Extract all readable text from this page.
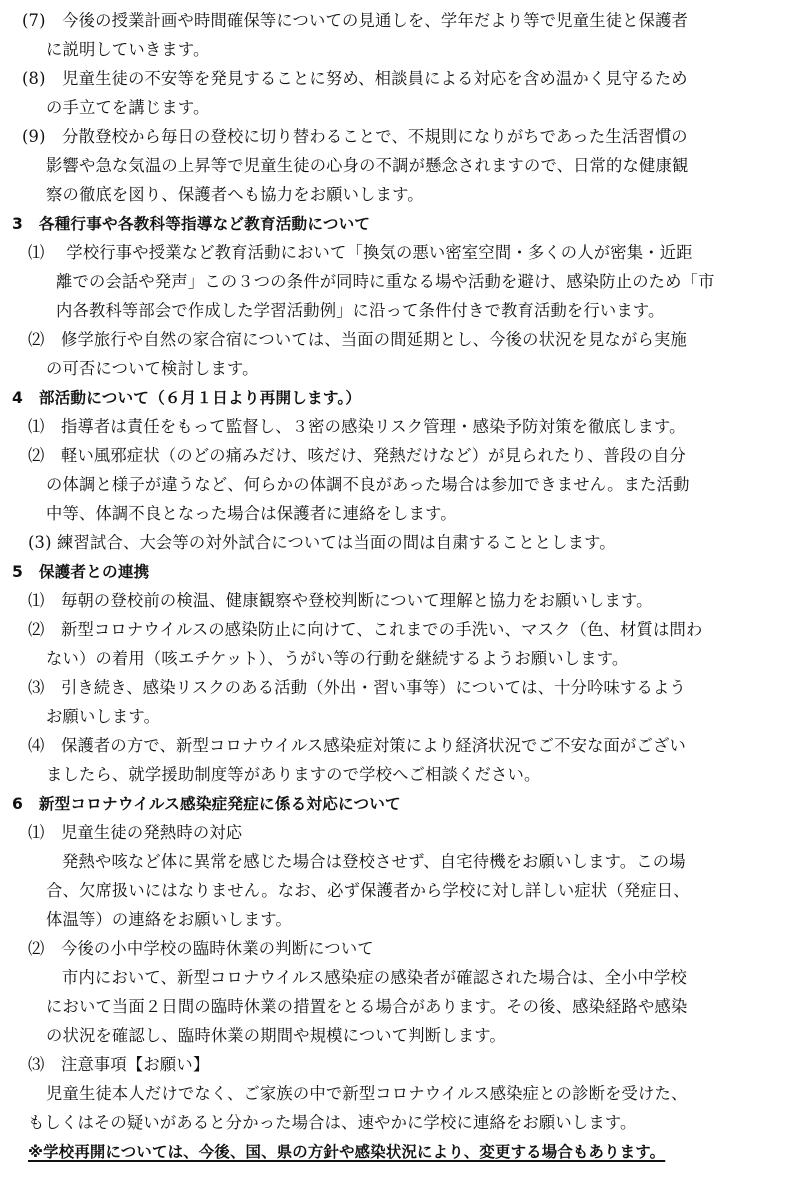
(7)　今後の授業計画や時間確保等についての見通しを、学年だより等で児童生徒と保護者
に説明していきます。
(8)　児童生徒の不安等を発見することに努め、相談員による対応を含め温かく見守るため
の手立てを講じます。
(9)　分散登校から毎日の登校に切り替わることで、不規則になりがちであった生活習慣の
影響や急な気温の上昇等で児童生徒の心身の不調が懸念されますので、日常的な健康観
察の徹底を図り、保護者へも協力をお願いします。
3　各種行事や各教科等指導など教育活動について
⑴　 学校行事や授業など教育活動において「換気の悪い密室空間・多くの人が密集・近距
離での会話や発声」この３つの条件が同時に重なる場や活動を避け、感染防止のため「市
内各教科等部会で作成した学習活動例」に沿って条件付きで教育活動を行います。
⑵　修学旅行や自然の家合宿については、当面の間延期とし、今後の状況を見ながら実施
の可否について検討します。
4　部活動について（６月１日より再開します。）
⑴　指導者は責任をもって監督し、３密の感染リスク管理・感染予防対策を徹底します。
⑵　軽い風邪症状（のどの痛みだけ、咳だけ、発熱だけなど）が見られたり、普段の自分
の体調と様子が違うなど、何らかの体調不良があった場合は参加できません。また活動
中等、体調不良となった場合は保護者に連絡をします。
(3) 練習試合、大会等の対外試合については当面の間は自粛することとします。
5　保護者との連携
⑴　毎朝の登校前の検温、健康観察や登校判断について理解と協力をお願いします。
⑵　新型コロナウイルスの感染防止に向けて、これまでの手洗い、マスク（色、材質は問わ
ない）の着用（咳エチケット）、うがい等の行動を継続するようお願いします。
⑶　引き続き、感染リスクのある活動（外出・習い事等）については、十分吟味するよう
お願いします。
⑷　保護者の方で、新型コロナウイルス感染症対策により経済状況でご不安な面がござい
ましたら、就学援助制度等がありますので学校へご相談ください。
6　新型コロナウイルス感染症発症に係る対応について
⑴　児童生徒の発熱時の対応
発熱や咳など体に異常を感じた場合は登校させず、自宅待機をお願いします。この場
合、欠席扱いにはなりません。なお、必ず保護者から学校に対し詳しい症状（発症日、
体温等）の連絡をお願いします。
⑵　今後の小中学校の臨時休業の判断について
市内において、新型コロナウイルス感染症の感染者が確認された場合は、全小中学校
において当面２日間の臨時休業の措置をとる場合があります。その後、感染経路や感染
の状況を確認し、臨時休業の期間や規模について判断します。
⑶　注意事項【お願い】
児童生徒本人だけでなく、ご家族の中で新型コロナウイルス感染症との診断を受けた、
もしくはその疑いがあると分かった場合は、速やかに学校に連絡をお願いします。
※学校再開については、今後、国、県の方針や感染状況により、変更する場合もあります。
